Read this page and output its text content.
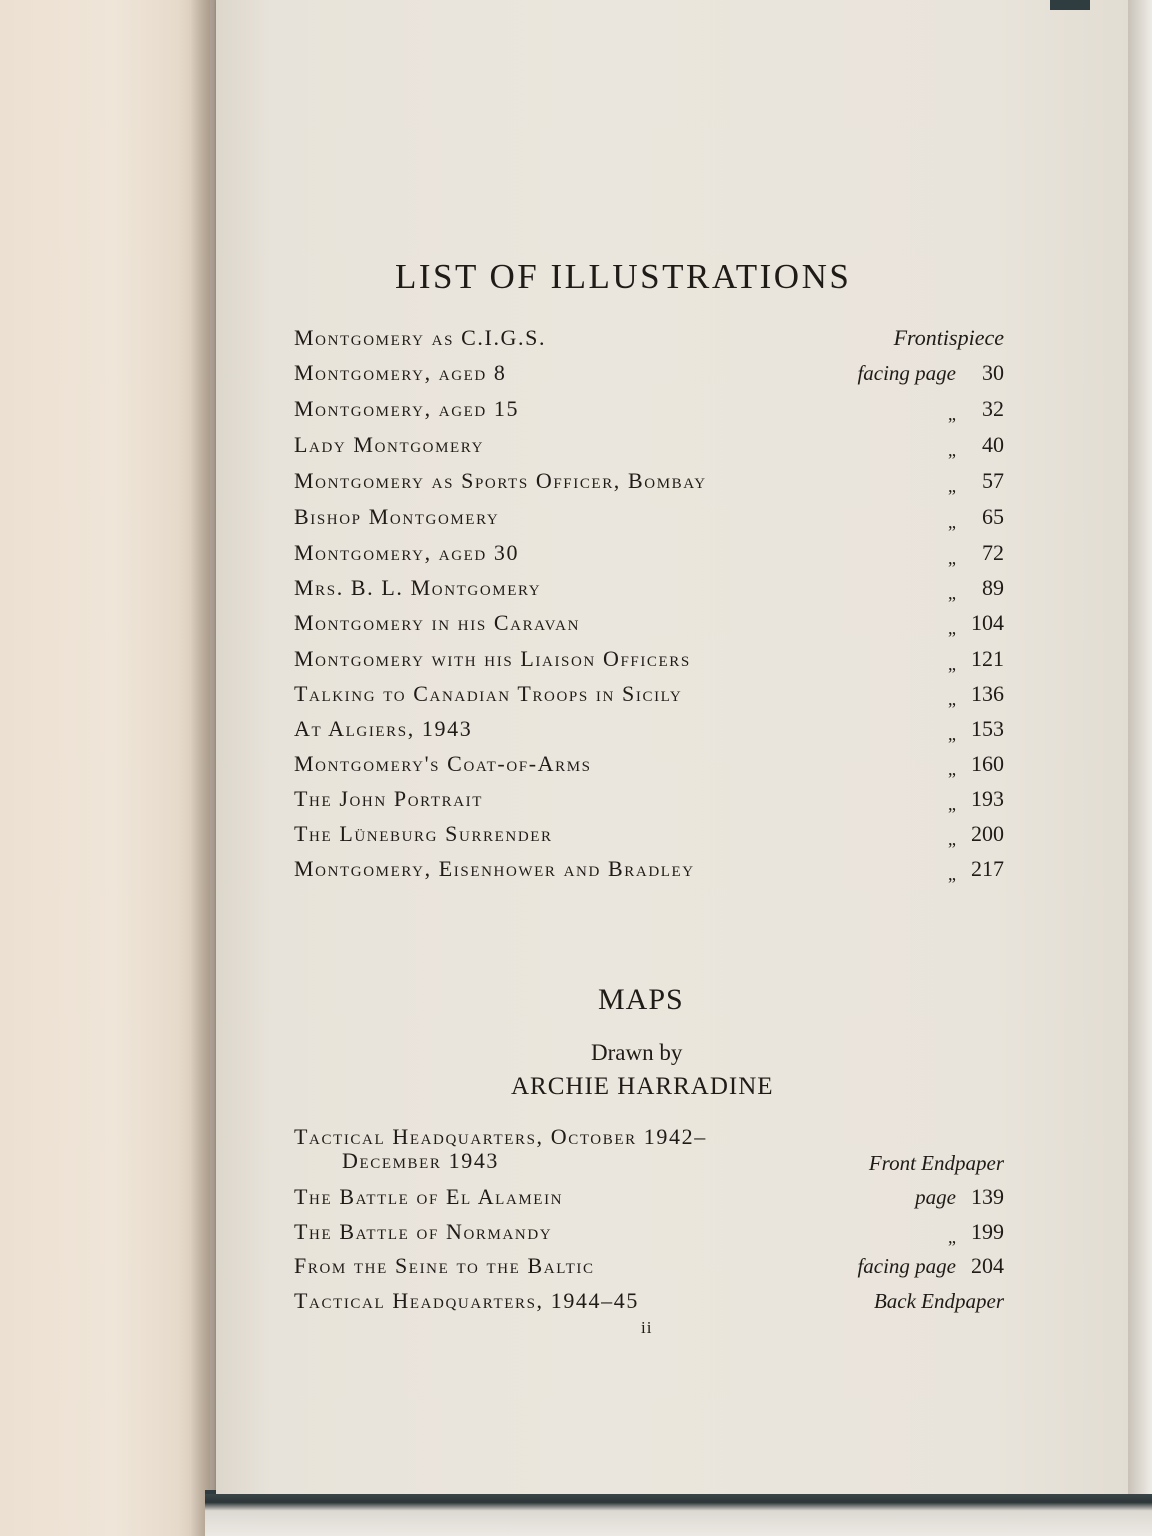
LIST OF ILLUSTRATIONS
Montgomery as C.I.G.S.	Frontispiece
Montgomery, aged 8	facing page 30
Montgomery, aged 15	„ 32
Lady Montgomery	„ 40
Montgomery as Sports Officer, Bombay	„ 57
Bishop Montgomery	„ 65
Montgomery, aged 30	„ 72
Mrs. B. L. Montgomery	„ 89
Montgomery in his Caravan	„ 104
Montgomery with his Liaison Officers	„ 121
Talking to Canadian Troops in Sicily	„ 136
At Algiers, 1943	„ 153
Montgomery's Coat-of-Arms	„ 160
The John Portrait	„ 193
The Lüneburg Surrender	„ 200
Montgomery, Eisenhower and Bradley	„ 217
MAPS
Drawn by
ARCHIE HARRADINE
Tactical Headquarters, October 1942–
December 1943	Front Endpaper
The Battle of El Alamein	page 139
The Battle of Normandy	„ 199
From the Seine to the Baltic	facing page 204
Tactical Headquarters, 1944–45	Back Endpaper
ii
